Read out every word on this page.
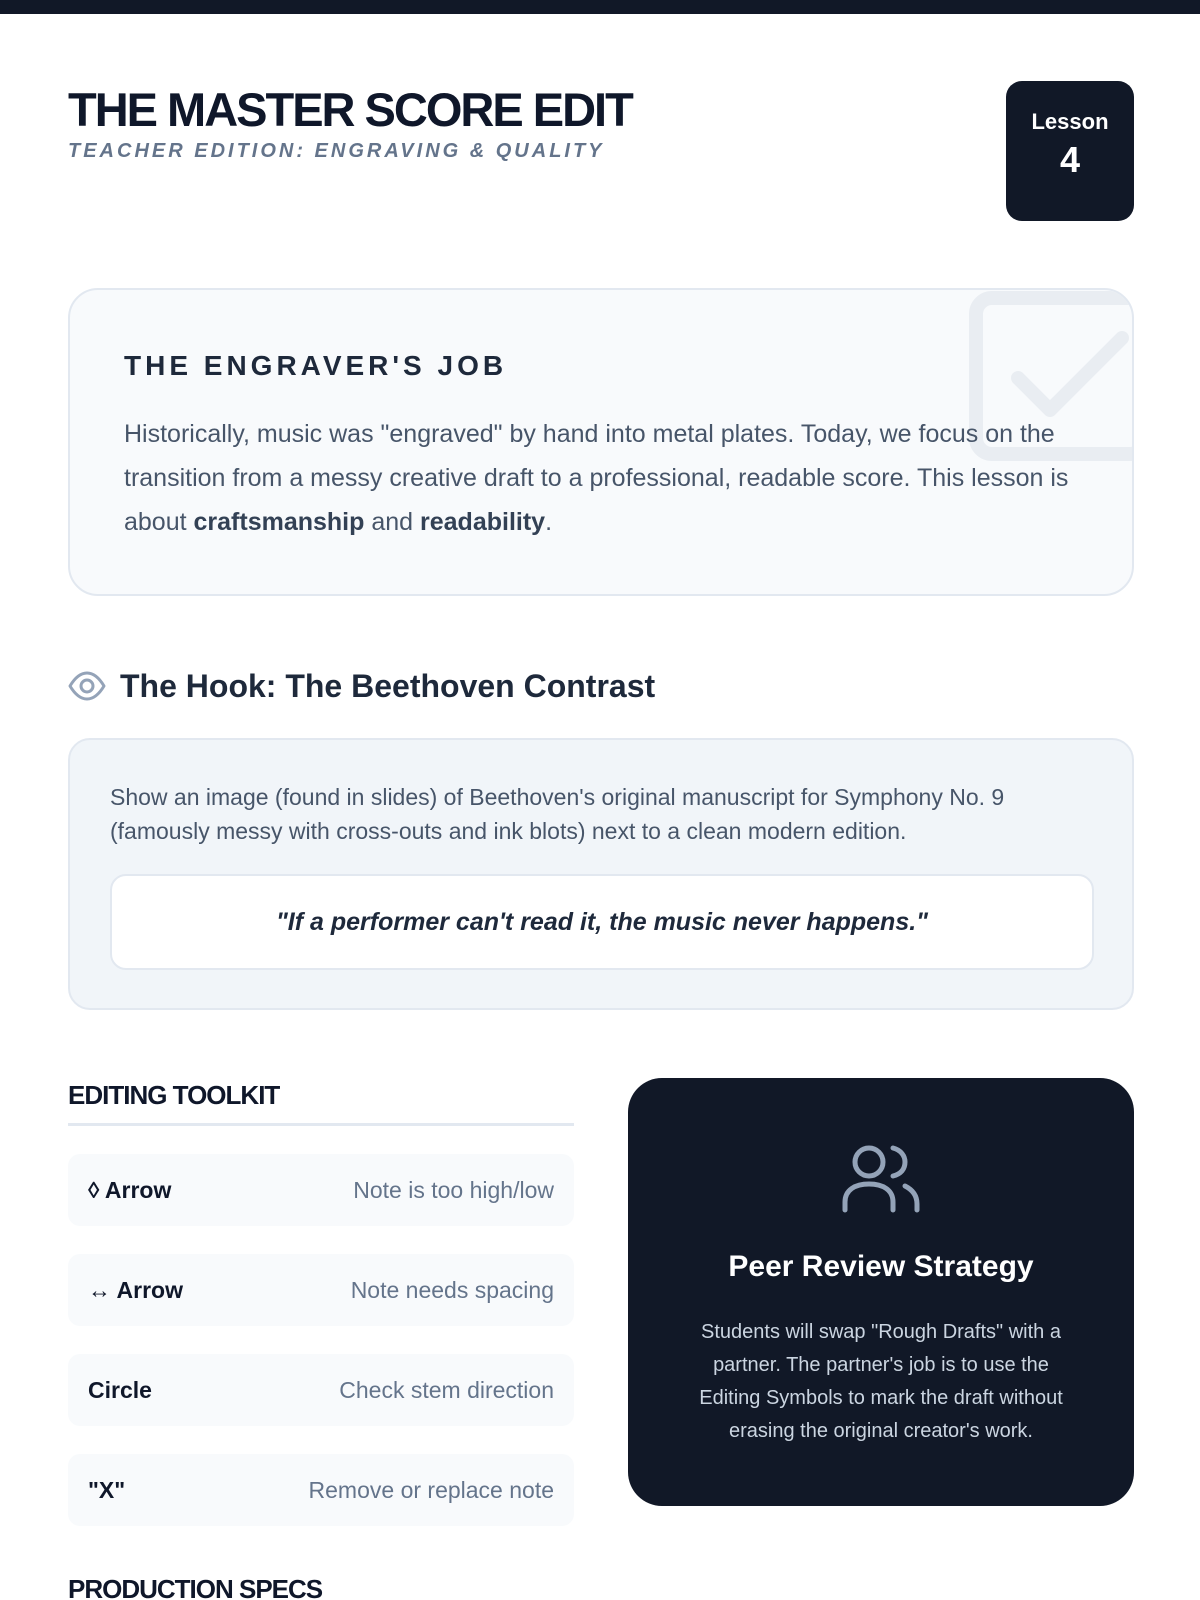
THE MASTER SCORE EDIT
TEACHER EDITION: ENGRAVING & QUALITY
Lesson
4
THE ENGRAVER'S JOB

Historically, music was "engraved" by hand into metal plates. Today, we focus on the transition from a messy creative draft to a professional, readable score. This lesson is about craftsmanship and readability.

The Hook: The Beethoven Contrast

Show an image (found in slides) of Beethoven's original manuscript for Symphony No. 9 (famously messy with cross-outs and ink blots) next to a clean modern edition.

"If a performer can't read it, the music never happens."
EDITING TOOLKIT
◊ Arrow	Note is too high/low
↔ Arrow	Note needs spacing
Circle	Check stem direction
"X"	Remove or replace note
Peer Review Strategy

Students will swap "Rough Drafts" with a partner. The partner's job is to use the Editing Symbols to mark the draft without erasing the original creator's work.

PRODUCTION SPECS
